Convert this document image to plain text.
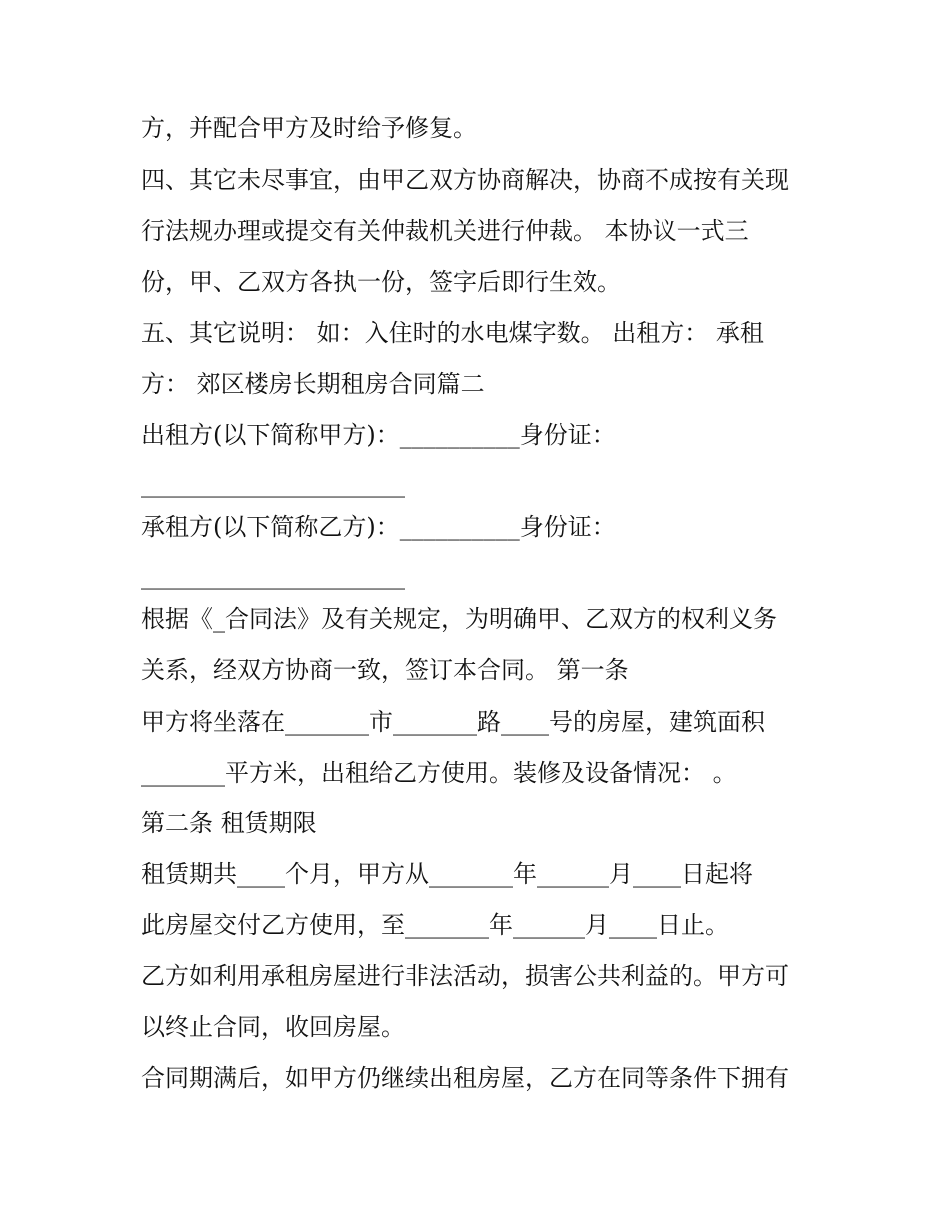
方，并配合甲方及时给予修复。
四、其它未尽事宜，由甲乙双方协商解决，协商不成按有关现
行法规办理或提交有关仲裁机关进行仲裁。 本协议一式三
份，甲、乙双方各执一份，签字后即行生效。
五、其它说明： 如：入住时的水电煤字数。 出租方： 承租
方： 郊区楼房长期租房合同篇二
出租方(以下简称甲方)：__________身份证：
______________________
承租方(以下简称乙方)：__________身份证：
______________________
根据《_合同法》及有关规定，为明确甲、乙双方的权利义务
关系，经双方协商一致，签订本合同。 第一条
甲方将坐落在_______市_______路____号的房屋，建筑面积
_______平方米，出租给乙方使用。装修及设备情况： 。
第二条 租赁期限
租赁期共____个月，甲方从_______年______月____日起将
此房屋交付乙方使用，至_______年______月____日止。
乙方如利用承租房屋进行非法活动，损害公共利益的。甲方可
以终止合同，收回房屋。
合同期满后，如甲方仍继续出租房屋，乙方在同等条件下拥有
